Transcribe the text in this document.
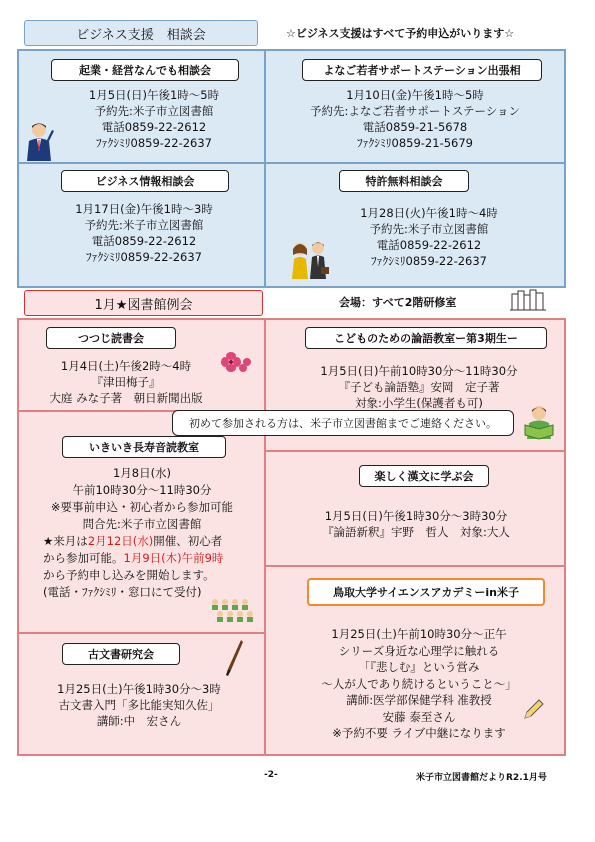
ビジネス支援　相談会	☆ビジネス支援はすべて予約申込がいります☆
起業・経営なんでも相談会
1月5日(日)午後1時～5時
予約先:米子市立図書館
電話0859-22-2612
ﾌｧｸｼﾐﾘ0859-22-2637
よなご若者サポートステーション出張相
1月10日(金)午後1時～5時
予約先:よなご若者サポートステーション
電話0859-21-5678
ﾌｧｸｼﾐﾘ0859-21-5679
ビジネス情報相談会
1月17日(金)午後1時～3時
予約先:米子市立図書館
電話0859-22-2612
ﾌｧｸｼﾐﾘ0859-22-2637
特許無料相談会
1月28日(火)午後1時～4時
予約先:米子市立図書館
電話0859-22-2612
ﾌｧｸｼﾐﾘ0859-22-2637
1月★図書館例会	会場：すべて2階研修室
つつじ読書会
1月4日(土)午後2時～4時
『津田梅子』
大庭 みな子著　朝日新聞出版
こどものための論語教室ー第3期生ー
1月5日(日)午前10時30分～11時30分
『子ども論語塾』安岡　定子著
対象:小学生(保護者も可)
いきいき長寿音読教室
1月8日(水)
午前10時30分～11時30分
※要事前申込・初心者から参加可能
問合先:米子市立図書館
★来月は2月12日(水)開催、初心者
から参加可能。1月9日(木)午前9時
から予約申し込みを開始します。
(電話・ﾌｧｸｼﾐﾘ・窓口にて受付)
楽しく漢文に学ぶ会
1月5日(日)午後1時30分～3時30分
『論語新釈』宇野　哲人　対象:大人
古文書研究会
1月25日(土)午後1時30分～3時
古文書入門「多比能実知久佐」
講師:中　宏さん
鳥取大学サイエンスアカデミーin米子
1月25日(土)午前10時30分～正午
シリーズ身近な心理学に触れる
「『悲しむ』という営み
～人が人であり続けるということ～」
講師:医学部保健学科 准教授
安藤 泰至さん
※予約不要 ライブ中継になります
初めて参加される方は、米子市立図書館までご連絡ください。
-2-	米子市立図書館だよりR2.1月号
